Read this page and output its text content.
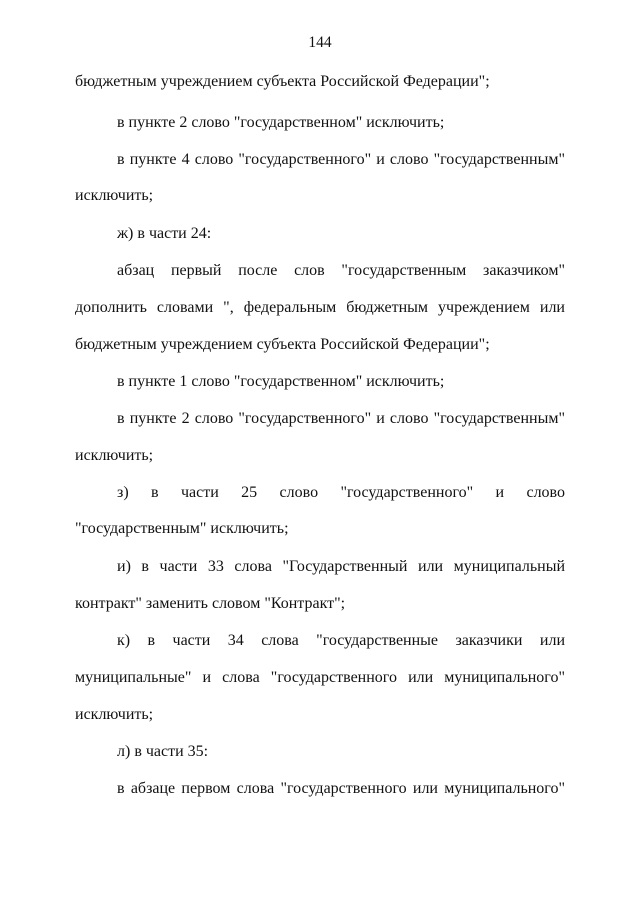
144
бюджетным учреждением субъекта Российской Федерации";
в пункте 2 слово "государственном" исключить;
в пункте 4 слово "государственного" и слово "государственным"
исключить;
ж) в части 24:
абзац первый после слов "государственным заказчиком"
дополнить словами ", федеральным бюджетным учреждением или
бюджетным учреждением субъекта Российской Федерации";
в пункте 1 слово "государственном" исключить;
в пункте 2 слово "государственного" и слово "государственным"
исключить;
з) в части 25 слово "государственного" и слово
"государственным" исключить;
и) в части 33 слова "Государственный или муниципальный
контракт" заменить словом "Контракт";
к) в части 34 слова "государственные заказчики или
муниципальные" и слова "государственного или муниципального"
исключить;
л) в части 35:
в абзаце первом слова "государственного или муниципального"
